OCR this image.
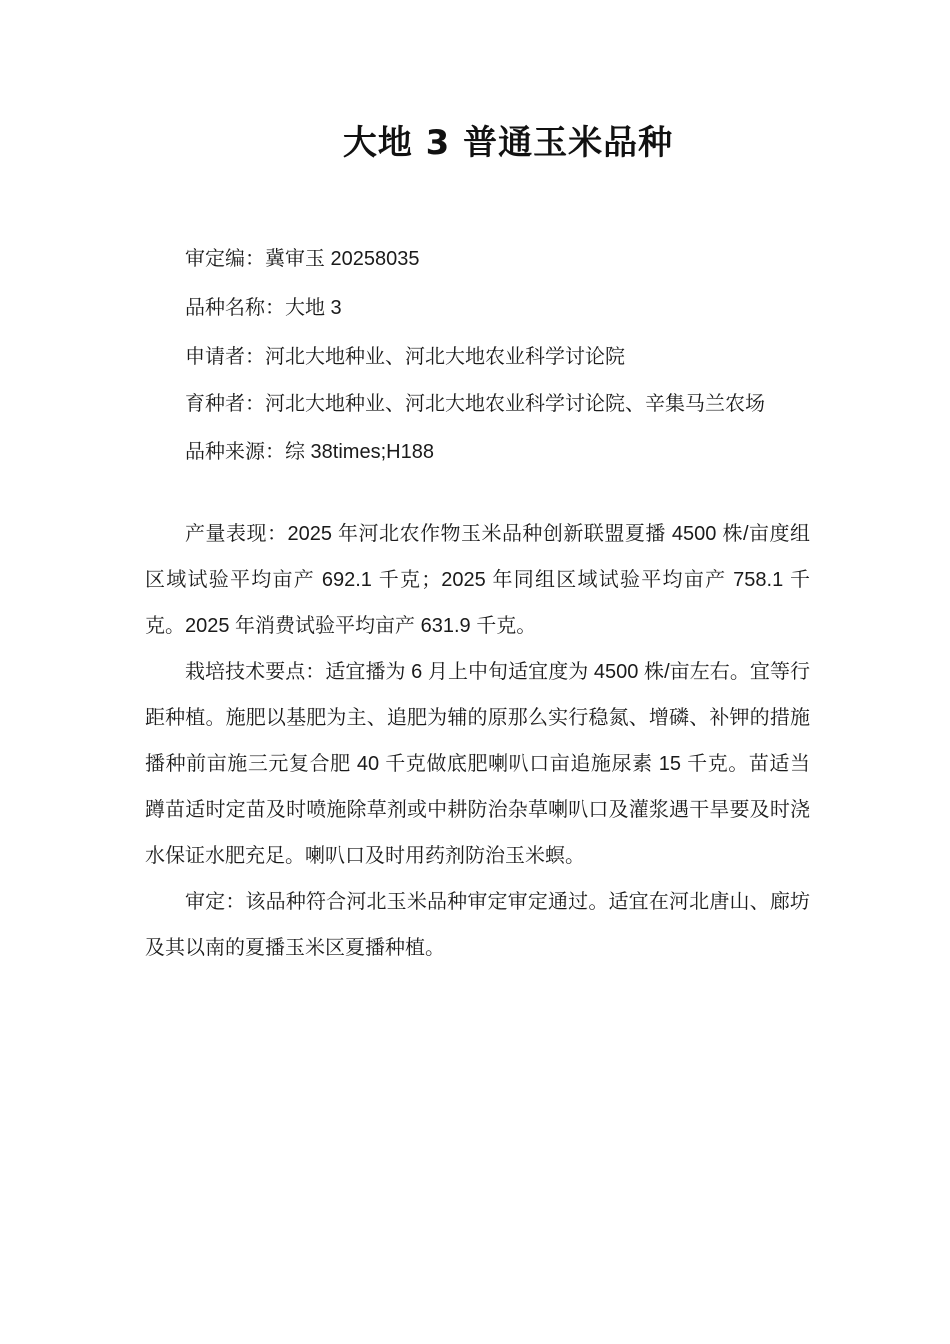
大地 3 普通玉米品种

审定编：冀审玉 20258035

品种名称：大地 3

申请者：河北大地种业、河北大地农业科学讨论院

育种者：河北大地种业、河北大地农业科学讨论院、辛集马兰农场

品种来源：综 38times;H188

产量表现：2025 年河北农作物玉米品种创新联盟夏播 4500 株/亩度组区域试验平均亩产 692.1 千克；2025 年同组区域试验平均亩产 758.1 千克。2025 年消费试验平均亩产 631.9 千克。

栽培技术要点：适宜播为 6 月上中旬适宜度为 4500 株/亩左右。宜等行距种植。施肥以基肥为主、追肥为辅的原那么实行稳氮、增磷、补钾的措施播种前亩施三元复合肥 40 千克做底肥喇叭口亩追施尿素 15 千克。苗适当蹲苗适时定苗及时喷施除草剂或中耕防治杂草喇叭口及灌浆遇干旱要及时浇水保证水肥充足。喇叭口及时用药剂防治玉米螟。

审定：该品种符合河北玉米品种审定审定通过。适宜在河北唐山、廊坊及其以南的夏播玉米区夏播种植。
